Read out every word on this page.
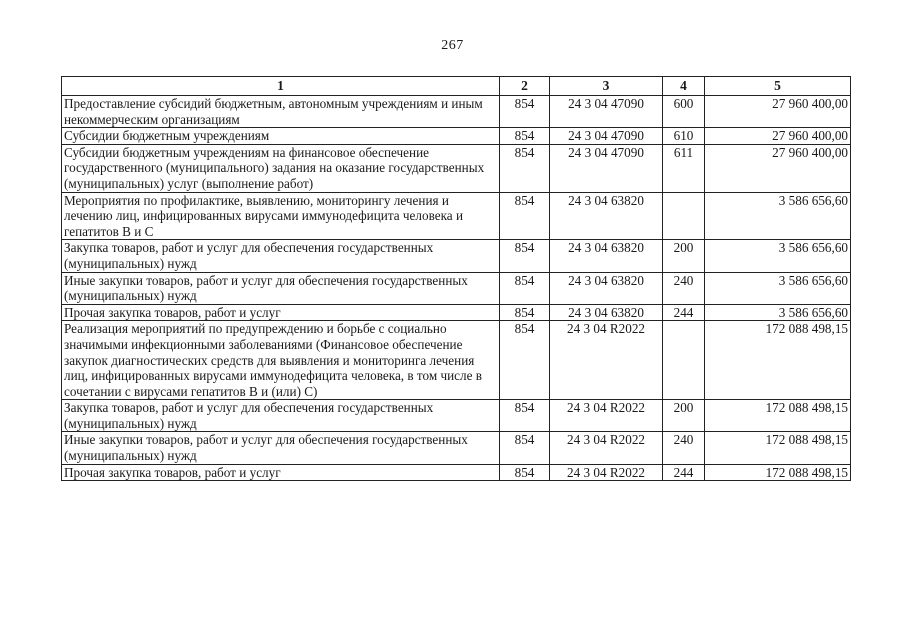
267
1	2	3	4	5
Предоставление субсидий бюджетным, автономным учреждениям и иным некоммерческим организациям	854	24 3 04 47090	600	27 960 400,00
Субсидии бюджетным учреждениям	854	24 3 04 47090	610	27 960 400,00
Субсидии бюджетным учреждениям на финансовое обеспечение государственного (муниципального) задания на оказание государственных (муниципальных) услуг (выполнение работ)	854	24 3 04 47090	611	27 960 400,00
Мероприятия по профилактике, выявлению, мониторингу лечения и лечению лиц, инфицированных вирусами иммунодефицита человека и гепатитов В и С	854	24 3 04 63820		3 586 656,60
Закупка товаров, работ и услуг для обеспечения государственных (муниципальных) нужд	854	24 3 04 63820	200	3 586 656,60
Иные закупки товаров, работ и услуг для обеспечения государственных (муниципальных) нужд	854	24 3 04 63820	240	3 586 656,60
Прочая закупка товаров, работ и услуг	854	24 3 04 63820	244	3 586 656,60
Реализация мероприятий по предупреждению и борьбе с социально значимыми инфекционными заболеваниями (Финансовое обеспечение закупок диагностических средств для выявления и мониторинга лечения лиц, инфицированных вирусами иммунодефицита человека, в том числе в сочетании с вирусами гепатитов В и (или) С)	854	24 3 04 R2022		172 088 498,15
Закупка товаров, работ и услуг для обеспечения государственных (муниципальных) нужд	854	24 3 04 R2022	200	172 088 498,15
Иные закупки товаров, работ и услуг для обеспечения государственных (муниципальных) нужд	854	24 3 04 R2022	240	172 088 498,15
Прочая закупка товаров, работ и услуг	854	24 3 04 R2022	244	172 088 498,15
